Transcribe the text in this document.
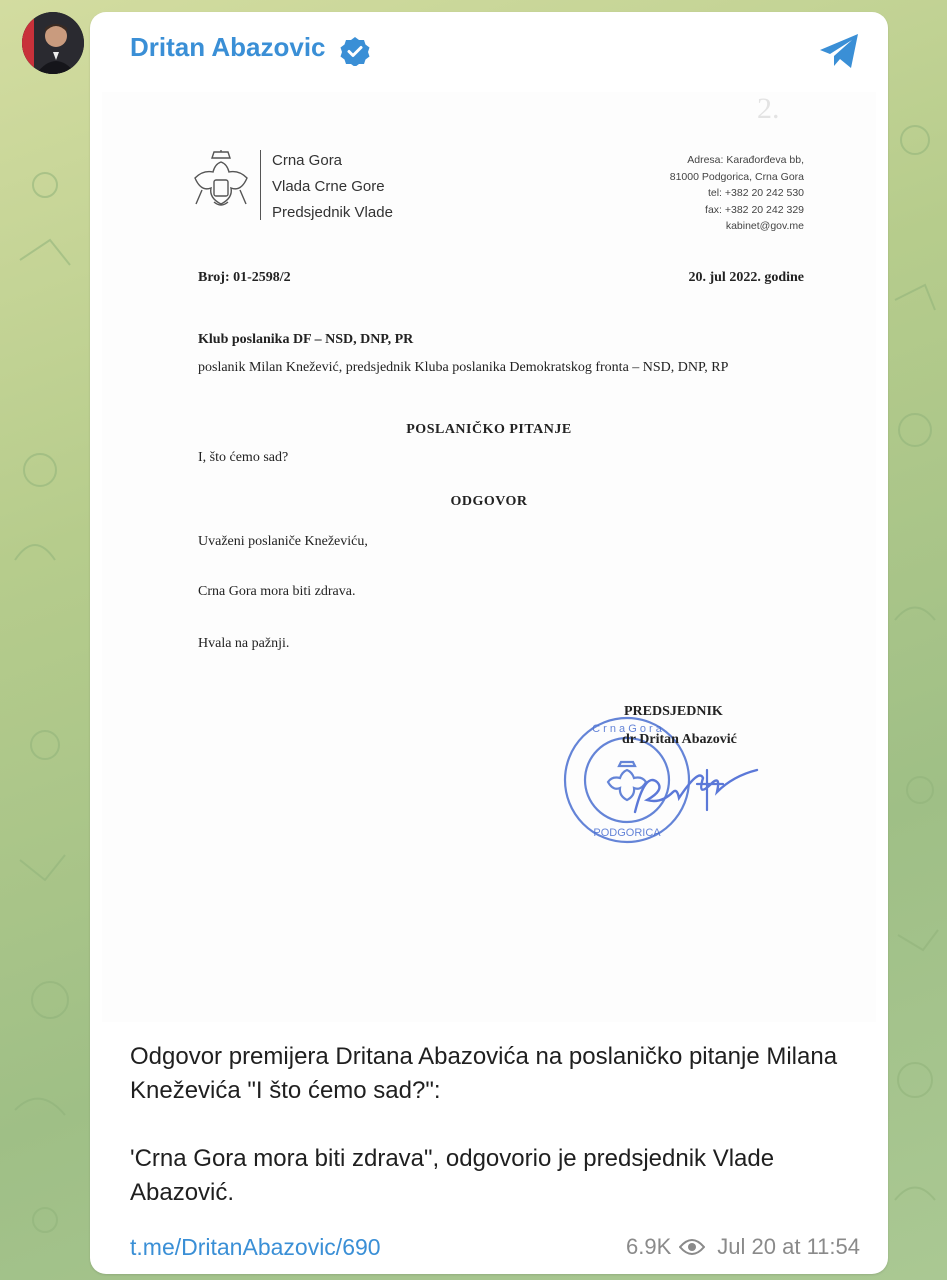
Dritan Abazovic
2.
Crna Gora
Vlada Crne Gore
Predsjednik Vlade
Adresa: Karađorđeva bb,
81000 Podgorica, Crna Gora
tel: +382 20 242 530
fax: +382 20 242 329
kabinet@gov.me
Broj: 01-2598/2	20. jul 2022. godine
Klub poslanika DF – NSD, DNP, PR
poslanik Milan Knežević, predsjednik Kluba poslanika Demokratskog fronta – NSD, DNP, RP
POSLANIČKO PITANJE
I, što ćemo sad?
ODGOVOR
Uvaženi poslaniče Kneževiću,
Crna Gora mora biti zdrava.
Hvala na pažnji.
C r n a G o r a
PODGORICA
PREDSJEDNIK
dr Dritan Abazović

Odgovor premijera Dritana Abazovića na poslaničko pitanje Milana Kneževića "I što ćemo sad?":

'Crna Gora mora biti zdrava", odgovorio je predsjednik Vlade Abazović.

t.me/DritanAbazovic/690	6.9K Jul 20 at 11:54
